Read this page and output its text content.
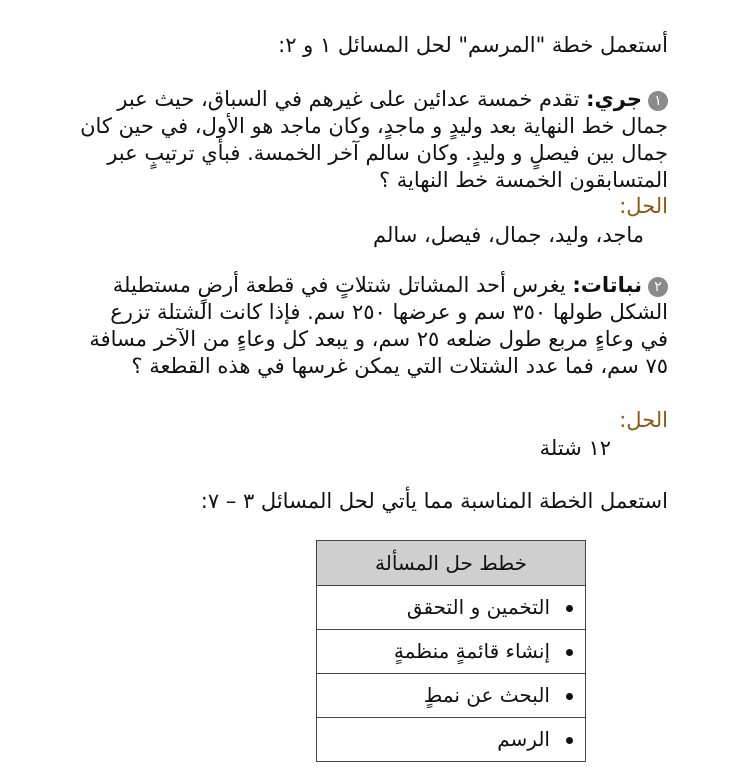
أستعمل خطة "المرسم" لحل المسائل ١ و ٢:
١جري: تقدم خمسة عدائين على غيرهم في السباق، حيث عبر جمال خط النهاية بعد وليدٍ و ماجدٍ، وكان ماجد هو الأول، في حين كان جمال بين فيصلٍ و وليدٍ. وكان سالم آخر الخمسة. فبأي ترتيبٍ عبر المتسابقون الخمسة خط النهاية ؟
الحل:
ماجد، وليد، جمال، فيصل، سالم
٢نباتات: يغرس أحد المشاتل شتلاتٍ في قطعة أرضٍ مستطيلة الشكل طولها ٣٥٠ سم و عرضها ٢٥٠ سم. فإذا كانت الشتلة تزرع في وعاءٍ مربع طول ضلعه ٢٥ سم، و يبعد كل وعاءٍ من الآخر مسافة ٧٥ سم، فما عدد الشتلات التي يمكن غرسها في هذه القطعة ؟
الحل:
١٢ شتلة
استعمل الخطة المناسبة مما يأتي لحل المسائل ٣ – ٧:
خطط حل المسألة
التخمين و التحقق
إنشاء قائمةٍ منظمةٍ
البحث عن نمطٍ
الرسم
